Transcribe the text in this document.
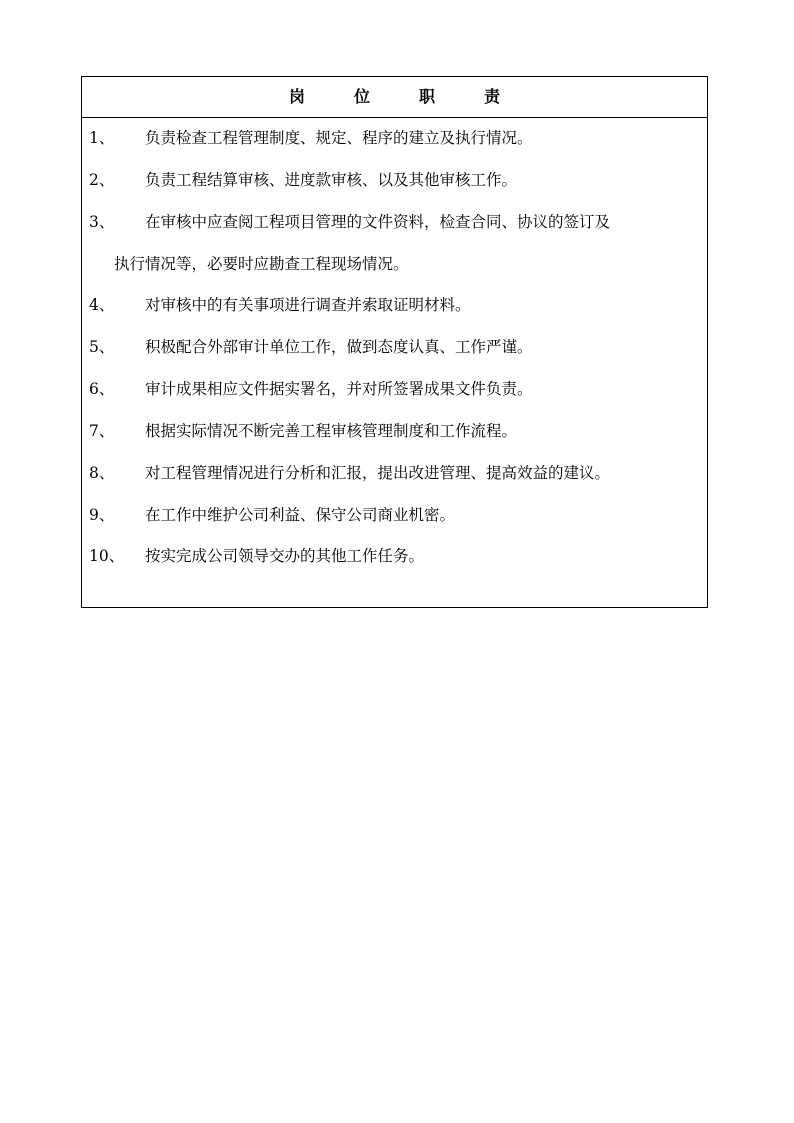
岗	位	职	责
1、 负责检查工程管理制度、规定、程序的建立及执行情况。
2、 负责工程结算审核、进度款审核、以及其他审核工作。
3、 在审核中应查阅工程项目管理的文件资料，检查合同、协议的签订及
执行情况等，必要时应勘查工程现场情况。
4、 对审核中的有关事项进行调查并索取证明材料。
5、 积极配合外部审计单位工作，做到态度认真、工作严谨。
6、 审计成果相应文件据实署名，并对所签署成果文件负责。
7、 根据实际情况不断完善工程审核管理制度和工作流程。
8、 对工程管理情况进行分析和汇报，提出改进管理、提高效益的建议。
9、 在工作中维护公司利益、保守公司商业机密。
10、 按实完成公司领导交办的其他工作任务。
